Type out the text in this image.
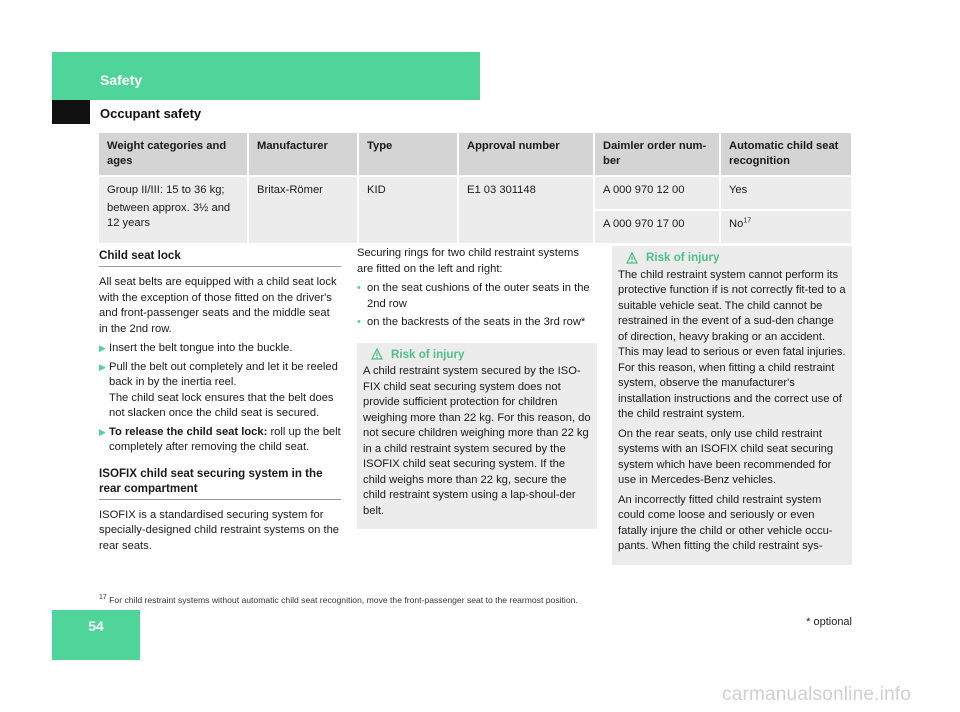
Safety
Occupant safety
Weight categories and ages	Manufacturer	Type	Approval number	Daimler order num-ber	Automatic child seat recognition

Group II/III: 15 to 36 kg;
between approx. 3½ and 12 years	Britax-Römer	KID	E1 03 301148	A 000 970 12 00	Yes
				A 000 970 17 00	No$^{17}$
Child seat lock

All seat belts are equipped with a child seat lock with the exception of those fitted on the driver's and front-passenger seats and the middle seat in the 2nd row.

▶ Insert the belt tongue into the buckle.

▶ Pull the belt out completely and let it be reeled back in by the inertia reel.

The child seat lock ensures that the belt does not slacken once the child seat is secured.

▶ To release the child seat lock: roll up the belt completely after removing the child seat.

ISOFIX child seat securing system in the rear compartment

ISOFIX is a standardised securing system for specially-designed child restraint systems on the rear seats.

Securing rings for two child restraint systems are fitted on the left and right:

• on the seat cushions of the outer seats in the 2nd row

• on the backrests of the seats in the 3rd row*

Risk of injury

A child restraint system secured by the ISO-FIX child seat securing system does not provide sufficient protection for children weighing more than 22 kg. For this reason, do not secure children weighing more than 22 kg in a child restraint system secured by the ISOFIX child seat securing system. If the child weighs more than 22 kg, secure the child restraint system using a lap-shoul-der belt.

Risk of injury

The child restraint system cannot perform its protective function if is not correctly fit-ted to a suitable vehicle seat. The child cannot be restrained in the event of a sud-den change of direction, heavy braking or an accident. This may lead to serious or even fatal injuries. For this reason, when fitting a child restraint system, observe the manufacturer's installation instructions and the correct use of the child restraint system.

On the rear seats, only use child restraint systems with an ISOFIX child seat securing system which have been recommended for use in Mercedes-Benz vehicles.

An incorrectly fitted child restraint system could come loose and seriously or even fatally injure the child or other vehicle occu-pants. When fitting the child restraint sys-

$^{17}$ For child restraint systems without automatic child seat recognition, move the front-passenger seat to the rearmost position.
54	* optional
carmanualsonline.info
